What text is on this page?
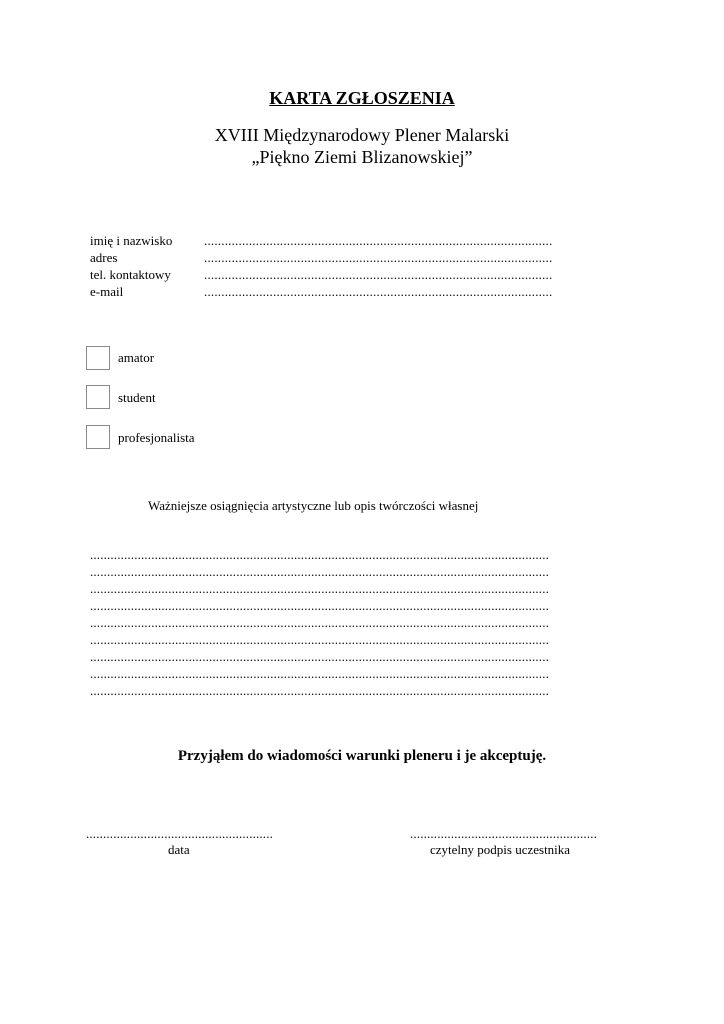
KARTA ZGŁOSZENIA
XVIII Międzynarodowy Plener Malarski
„Piękno Ziemi Blizanowskiej”
imię i nazwisko .....................................................................................................
adres	.....................................................................................................
tel. kontaktowy	.....................................................................................................
e-mail	.....................................................................................................
amator
student
profesjonalista
Ważniejsze osiągnięcia artystyczne lub opis twórczości własnej
.......................................................................................................................................
.......................................................................................................................................
.......................................................................................................................................
.......................................................................................................................................
.......................................................................................................................................
.......................................................................................................................................
.......................................................................................................................................
.......................................................................................................................................
.......................................................................................................................................
Przyjąłem do wiadomości warunki pleneru i je akceptuję.
.......................................................
data
.......................................................
czytelny podpis uczestnika
